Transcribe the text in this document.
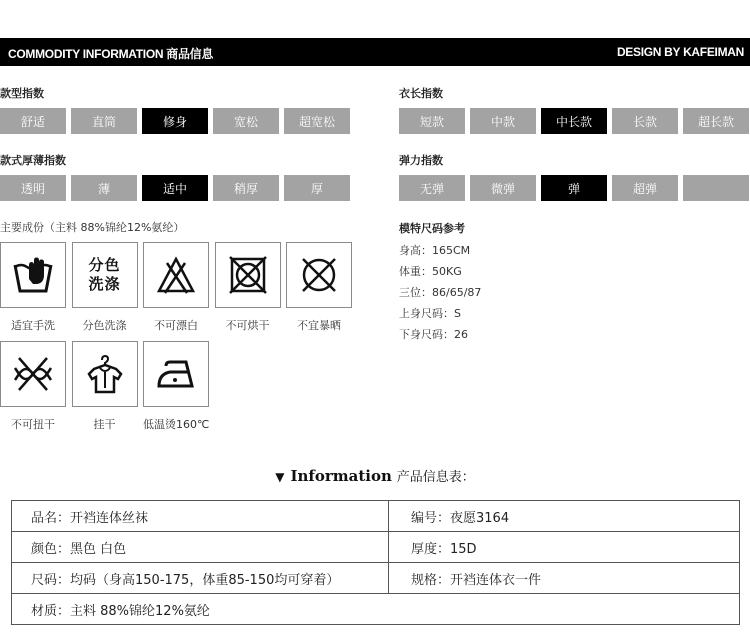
COMMODITY INFORMATION 商品信息	DESIGN BY KAFEIMAN
款型指数
舒适	直筒	修身	宽松	超宽松
衣长指数
短款	中款	中长款	长款	超长款
款式厚薄指数
透明	薄	适中	稍厚	厚
弹力指数
无弹	微弹	弹	超弹
主要成份（主料 88%锦纶12%氨纶）
适宜手洗
分色
洗涤
分色洗涤	不可漂白	不可烘干	不宜暴晒
不可扭干	挂干	低温烫160℃
模特尺码参考
身高：165CM
体重：50KG
三位：86/65/87
上身尺码：S
下身尺码：26
▼ Information 产品信息表：
品名：开裆连体丝袜	编号：夜愿3164
颜色：黑色 白色	厚度：15D
尺码：均码（身高150-175，体重85-150均可穿着）	规格：开裆连体衣一件
材质：主料 88%锦纶12%氨纶	
